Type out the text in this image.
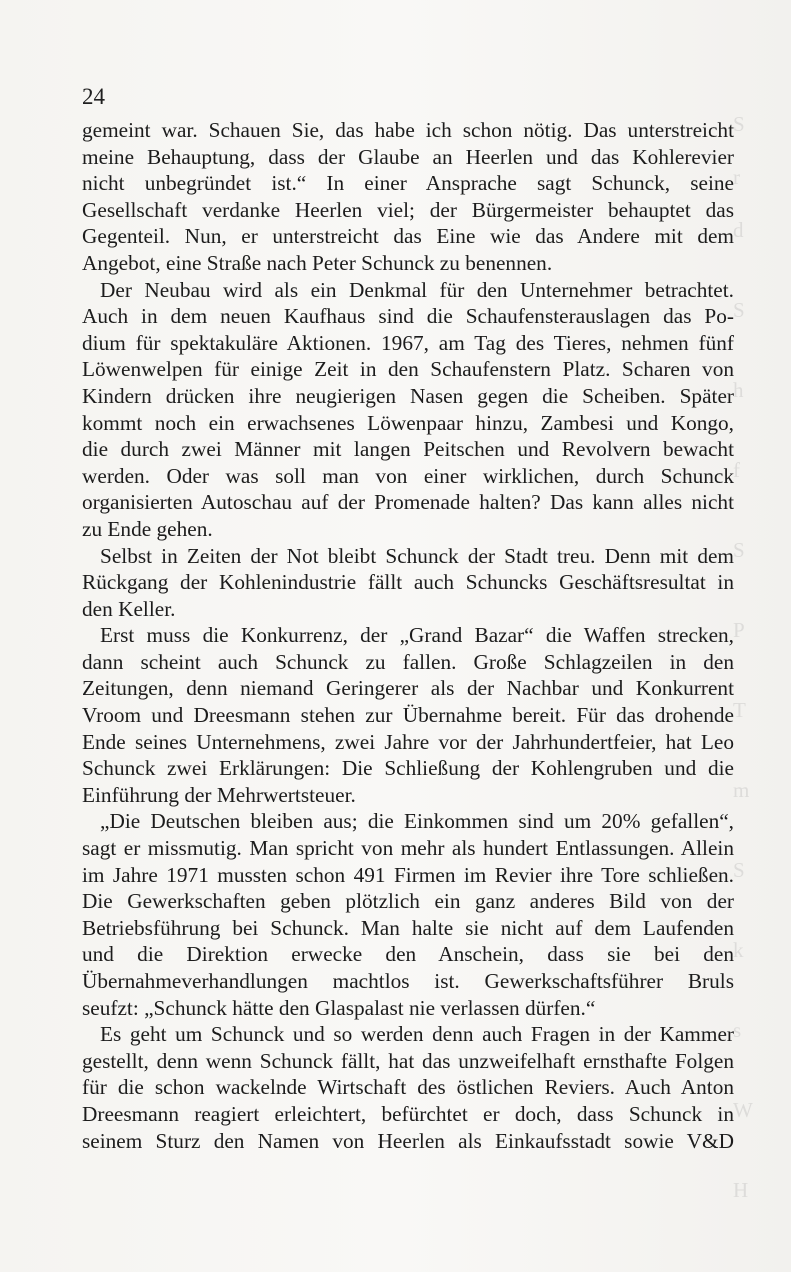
S
r
d
S
h
f
S
P
T
m
S
k
s
W
H
24

gemeint war. Schauen Sie, das habe ich schon nötig. Das unterstreicht
meine Behauptung, dass der Glaube an Heerlen und das Kohlerevier
nicht unbegründet ist.“ In einer Ansprache sagt Schunck, seine
Gesellschaft verdanke Heerlen viel; der Bürgermeister behauptet das
Gegenteil. Nun, er unterstreicht das Eine wie das Andere mit dem
Angebot, eine Straße nach Peter Schunck zu benennen.

Der Neubau wird als ein Denkmal für den Unternehmer betrachtet.
Auch in dem neuen Kaufhaus sind die Schaufensterauslagen das Po-
dium für spektakuläre Aktionen. 1967, am Tag des Tieres, nehmen fünf
Löwenwelpen für einige Zeit in den Schaufenstern Platz. Scharen von
Kindern drücken ihre neugierigen Nasen gegen die Scheiben. Später
kommt noch ein erwachsenes Löwenpaar hinzu, Zambesi und Kongo,
die durch zwei Männer mit langen Peitschen und Revolvern bewacht
werden. Oder was soll man von einer wirklichen, durch Schunck
organisierten Autoschau auf der Promenade halten? Das kann alles nicht
zu Ende gehen.

Selbst in Zeiten der Not bleibt Schunck der Stadt treu. Denn mit dem
Rückgang der Kohlenindustrie fällt auch Schuncks Geschäftsresultat in
den Keller.

Erst muss die Konkurrenz, der „Grand Bazar“ die Waffen strecken,
dann scheint auch Schunck zu fallen. Große Schlagzeilen in den
Zeitungen, denn niemand Geringerer als der Nachbar und Konkurrent
Vroom und Dreesmann stehen zur Übernahme bereit. Für das drohende
Ende seines Unternehmens, zwei Jahre vor der Jahrhundertfeier, hat Leo
Schunck zwei Erklärungen: Die Schließung der Kohlengruben und die
Einführung der Mehrwertsteuer.

„Die Deutschen bleiben aus; die Einkommen sind um 20% gefallen“,
sagt er missmutig. Man spricht von mehr als hundert Entlassungen. Allein
im Jahre 1971 mussten schon 491 Firmen im Revier ihre Tore schließen.
Die Gewerkschaften geben plötzlich ein ganz anderes Bild von der
Betriebsführung bei Schunck. Man halte sie nicht auf dem Laufenden
und die Direktion erwecke den Anschein, dass sie bei den
Übernahmeverhandlungen machtlos ist. Gewerkschaftsführer Bruls
seufzt: „Schunck hätte den Glaspalast nie verlassen dürfen.“

Es geht um Schunck und so werden denn auch Fragen in der Kammer
gestellt, denn wenn Schunck fällt, hat das unzweifelhaft ernsthafte Folgen
für die schon wackelnde Wirtschaft des östlichen Reviers. Auch Anton
Dreesmann reagiert erleichtert, befürchtet er doch, dass Schunck in
seinem Sturz den Namen von Heerlen als Einkaufsstadt sowie V&D
